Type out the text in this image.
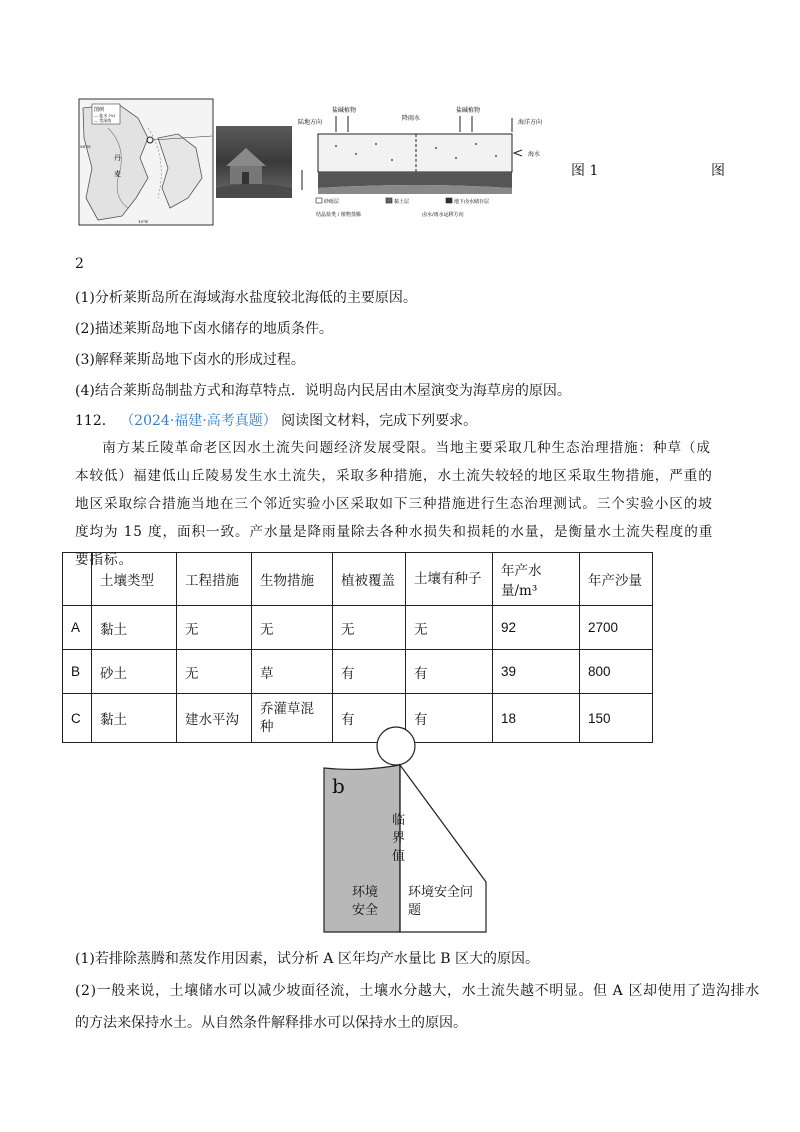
图例
— 盐水 (%)
— 等深线
丹
麦
56°N
10°E
盐碱植物
降雨水
盐碱植物
陆地方向	海洋方向
海水
砂砾层	黏土层	地下卤水储存层
结晶盐类 / 植物蒸腾	卤水/雨水运移方向
图 1	图
2
(1)分析莱斯岛所在海域海水盐度较北海低的主要原因。
(2)描述莱斯岛地下卤水储存的地质条件。
(3)解释莱斯岛地下卤水的形成过程。
(4)结合莱斯岛制盐方式和海草特点．说明岛内民居由木屋演变为海草房的原因。
112． （2024·福建·高考真题） 阅读图文材料，完成下列要求。
南方某丘陵革命老区因水土流失问题经济发展受限。当地主要采取几种生态治理措施：种草（成本较低）福建低山丘陵易发生水土流失，采取多种措施，水土流失较轻的地区采取生物措施，严重的地区采取综合措施当地在三个邻近实验小区采取如下三种措施进行生态治理测试。三个实验小区的坡度均为 15 度，面积一致。产水量是降雨量除去各种水损失和损耗的水量，是衡量水土流失程度的重要指标。
	土壤类型	工程措施	生物措施	植被覆盖	土壤有种子	年产水量/m³	年产沙量
A	黏土	无	无	无	无	92	2700
B	砂土	无	草	有	有	39	800
C	黏土	建水平沟	乔灌草混种	有	有	18	150
b
临界值
环境安全
环境安全问题
(1)若排除蒸腾和蒸发作用因素，试分析 A 区年均产水量比 B 区大的原因。
(2)一般来说，土壤储水可以减少坡面径流，土壤水分越大，水土流失越不明显。但 A 区却使用了造沟排水
的方法来保持水土。从自然条件解释排水可以保持水土的原因。
